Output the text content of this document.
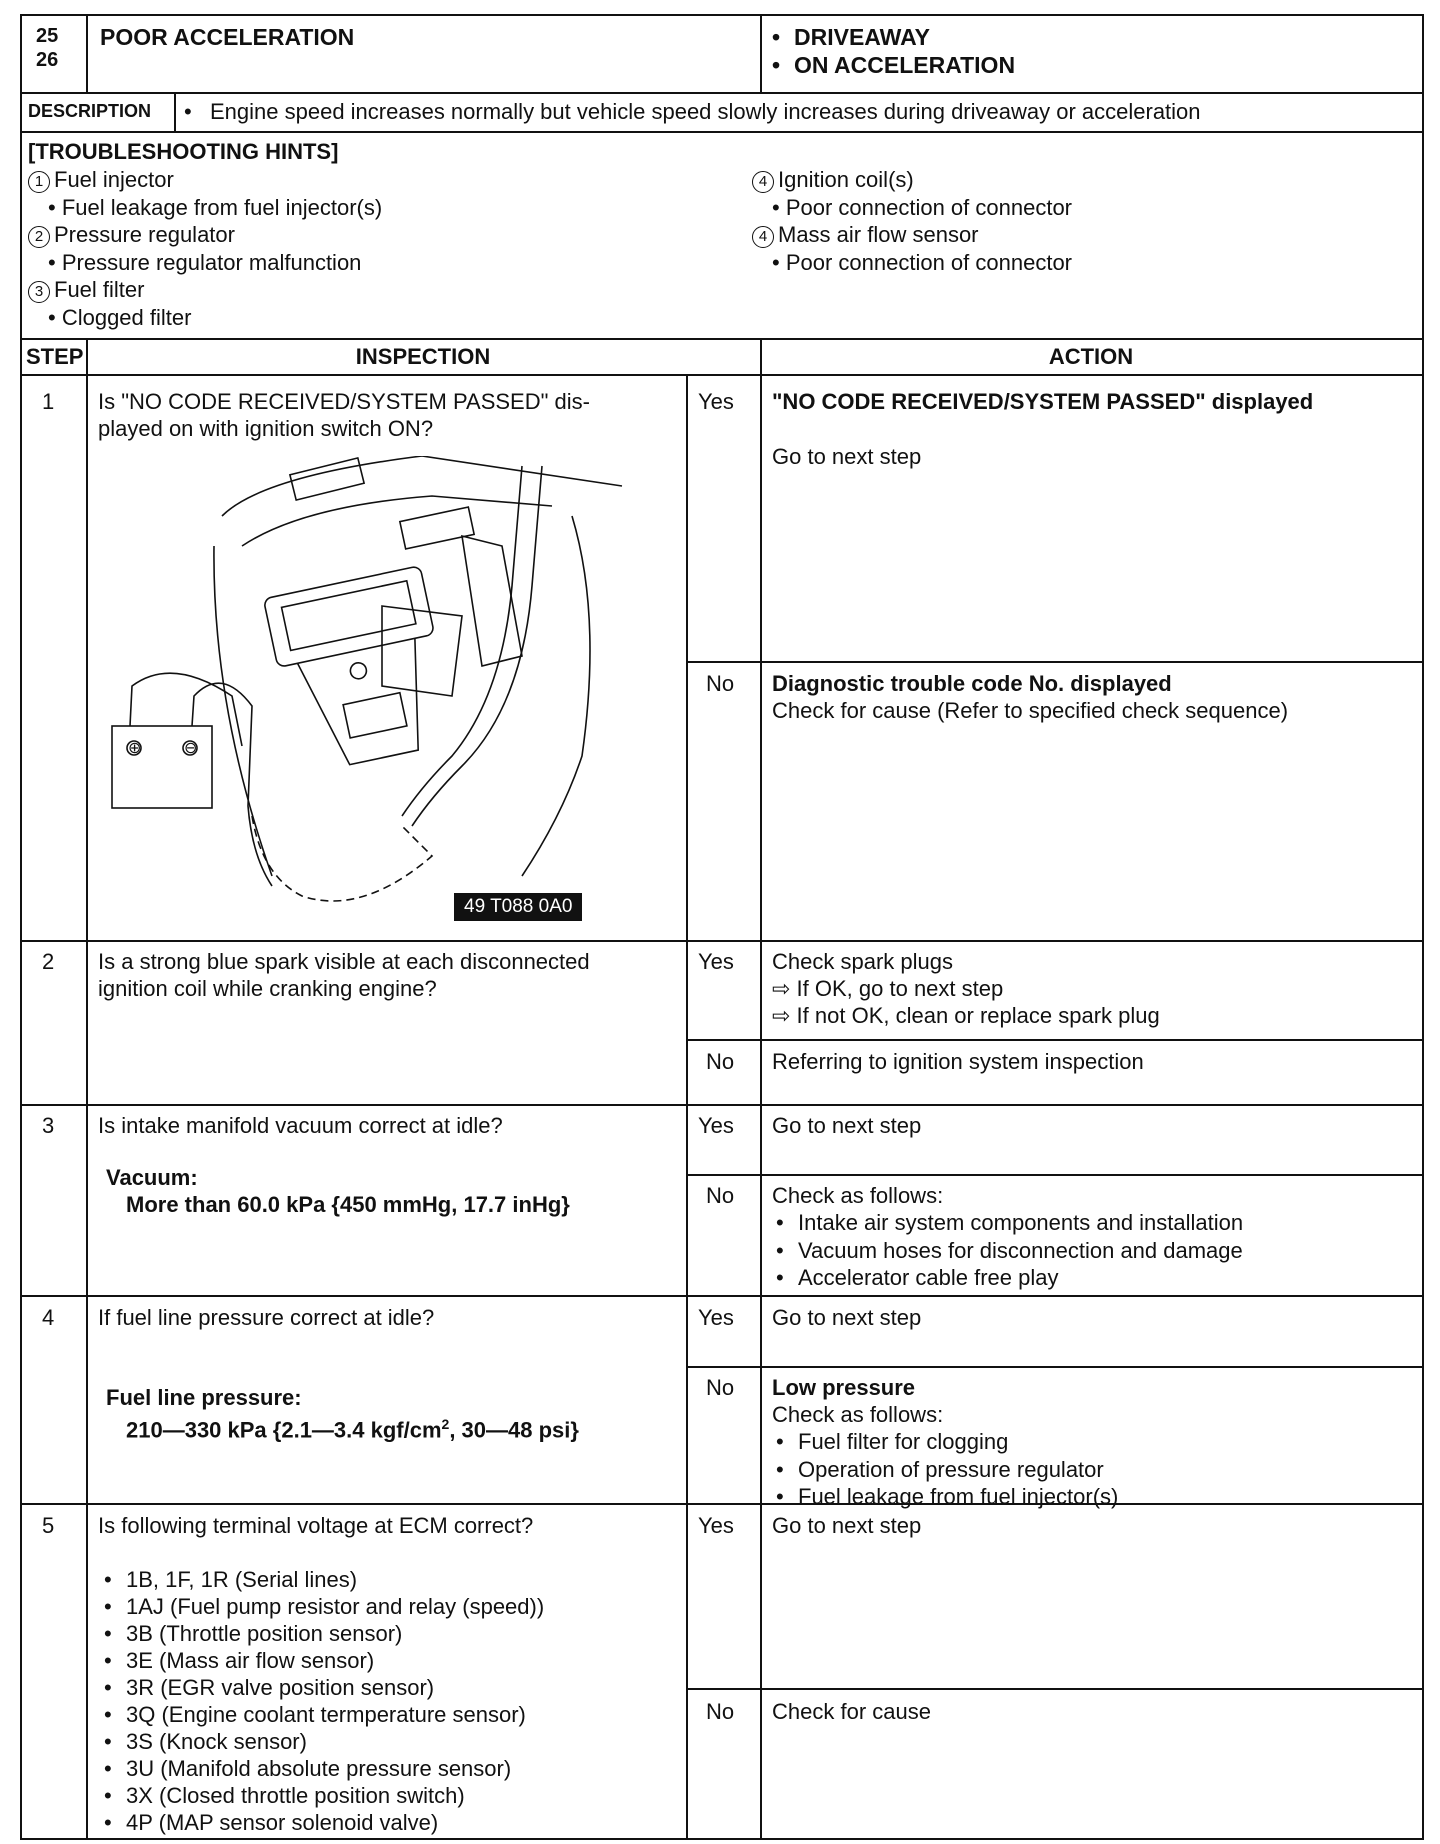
25
26
POOR ACCELERATION
•	DRIVEAWAY
• ON ACCELERATION
DESCRIPTION • Engine speed increases normally but vehicle speed slowly increases during driveaway or acceleration
[TROUBLESHOOTING HINTS]
1 Fuel injector
• Fuel leakage from fuel injector(s)
2 Pressure regulator
• Pressure regulator malfunction
3 Fuel filter
• Clogged filter
4 Ignition coil(s)
• Poor connection of connector
4 Mass air flow sensor
• Poor connection of connector
STEP	INSPECTION	ACTION
1 Is "NO CODE RECEIVED/SYSTEM PASSED" dis-
played on with ignition switch ON?
⊕	⊖
49 T088 0A0
Yes "NO CODE RECEIVED/SYSTEM PASSED" displayed
Go to next step
No Diagnostic trouble code No. displayed
Check for cause (Refer to specified check sequence)
2 Is a strong blue spark visible at each disconnected
ignition coil while cranking engine?
Yes Check spark plugs
⇨ If OK, go to next step
⇨ If not OK, clean or replace spark plug
No Referring to ignition system inspection
3 Is intake manifold vacuum correct at idle?
Vacuum:
More than 60.0 kPa {450 mmHg, 17.7 inHg}
Yes Go to next step
No Check as follows:
• Intake air system components and installation
• Vacuum hoses for disconnection and damage
• Accelerator cable free play
4 If fuel line pressure correct at idle?
Fuel line pressure:
210—330 kPa {2.1—3.4 kgf/$cm^2$, 30—48 psi}
Yes Go to next step
No Low pressure
Check as follows:
• Fuel filter for clogging
• Operation of pressure regulator
• Fuel leakage from fuel injector(s)
5 Is following terminal voltage at ECM correct?
• 1B, 1F, 1R (Serial lines)
• 1AJ (Fuel pump resistor and relay (speed))
• 3B (Throttle position sensor)
• 3E (Mass air flow sensor)
• 3R (EGR valve position sensor)
• 3Q (Engine coolant termperature sensor)
• 3S (Knock sensor)
• 3U (Manifold absolute pressure sensor)
• 3X (Closed throttle position switch)
• 4P (MAP sensor solenoid valve)
Yes Go to next step
No Check for cause
